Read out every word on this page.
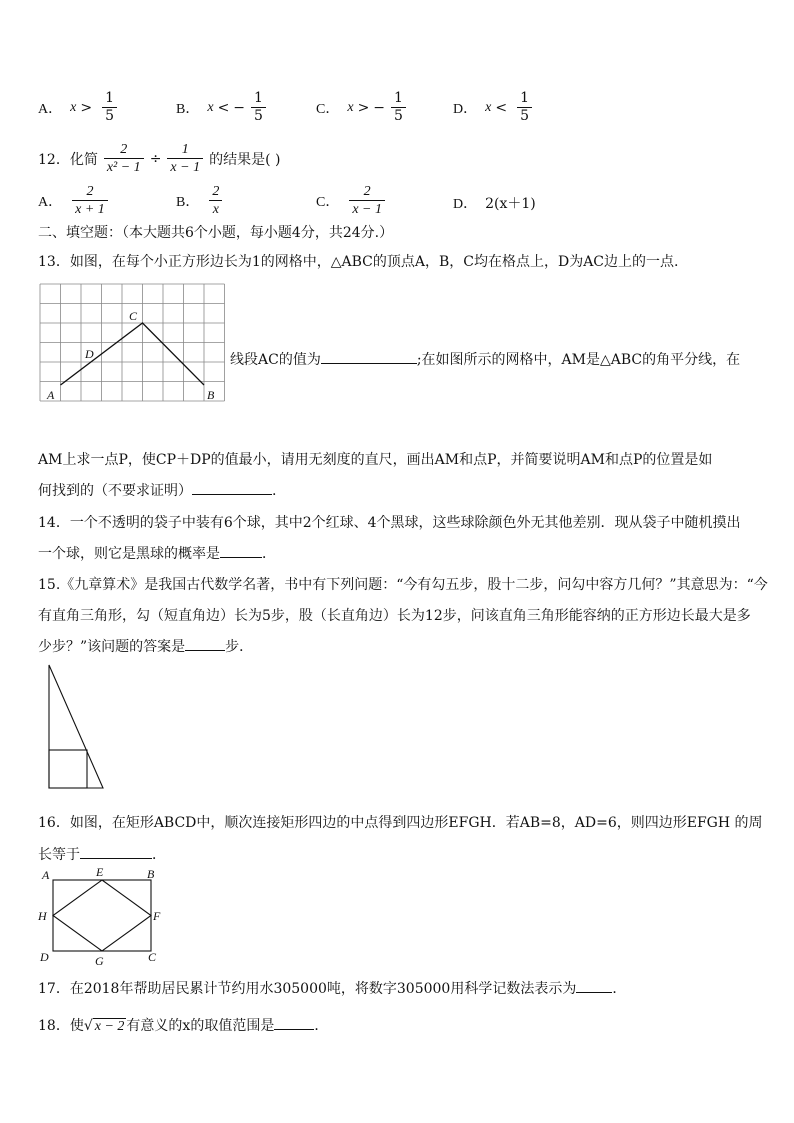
A． $x > \frac{1}{5}$	B． x < − $\frac{1}{5}$	C． x > − $\frac{1}{5}$	D． $x < \frac{1}{5}$
12．化简 $\frac{2}{\text{x² − 1}} \div \frac{1}{x - 1}$ 的结果是( )
A． $\frac{2}{x + 1}$	B． $\frac{2}{x}$	C． $\frac{2}{x - 1}$	D． 2(x＋1)
二、填空题：（本大题共6个小题，每小题4分，共24分.）
13．如图，在每个小正方形边长为1的网格中，△ABC的顶点A，B，C均在格点上，D为AC边上的一点.
C
D
A	B
线段AC的值为	;在如图所示的网格中，AM是△ABC的角平分线，在
AM上求一点P，使CP＋DP的值最小，请用无刻度的直尺，画出AM和点P，并简要说明AM和点P的位置是如
何找到的（不要求证明）	.
14．一个不透明的袋子中装有6个球，其中2个红球、4个黑球，这些球除颜色外无其他差别．现从袋子中随机摸出
一个球，则它是黑球的概率是	．
15.《九章算术》是我国古代数学名著，书中有下列问题：“今有勾五步，股十二步，问勾中容方几何？”其意思为：“今
有直角三角形，勾（短直角边）长为5步，股（长直角边）长为12步，问该直角三角形能容纳的正方形边长最大是多
少步？”该问题的答案是	步．
16．如图，在矩形ABCD中，顺次连接矩形四边的中点得到四边形EFGH．若AB=8，AD=6，则四边形EFGH 的周
长等于	．
A	E	B
H	F
D	G	C
17．在2018年帮助居民累计节约用水305000吨，将数字305000用科学记数法表示为	．
18．使√ x − 2 有意义的x的取值范围是	．
